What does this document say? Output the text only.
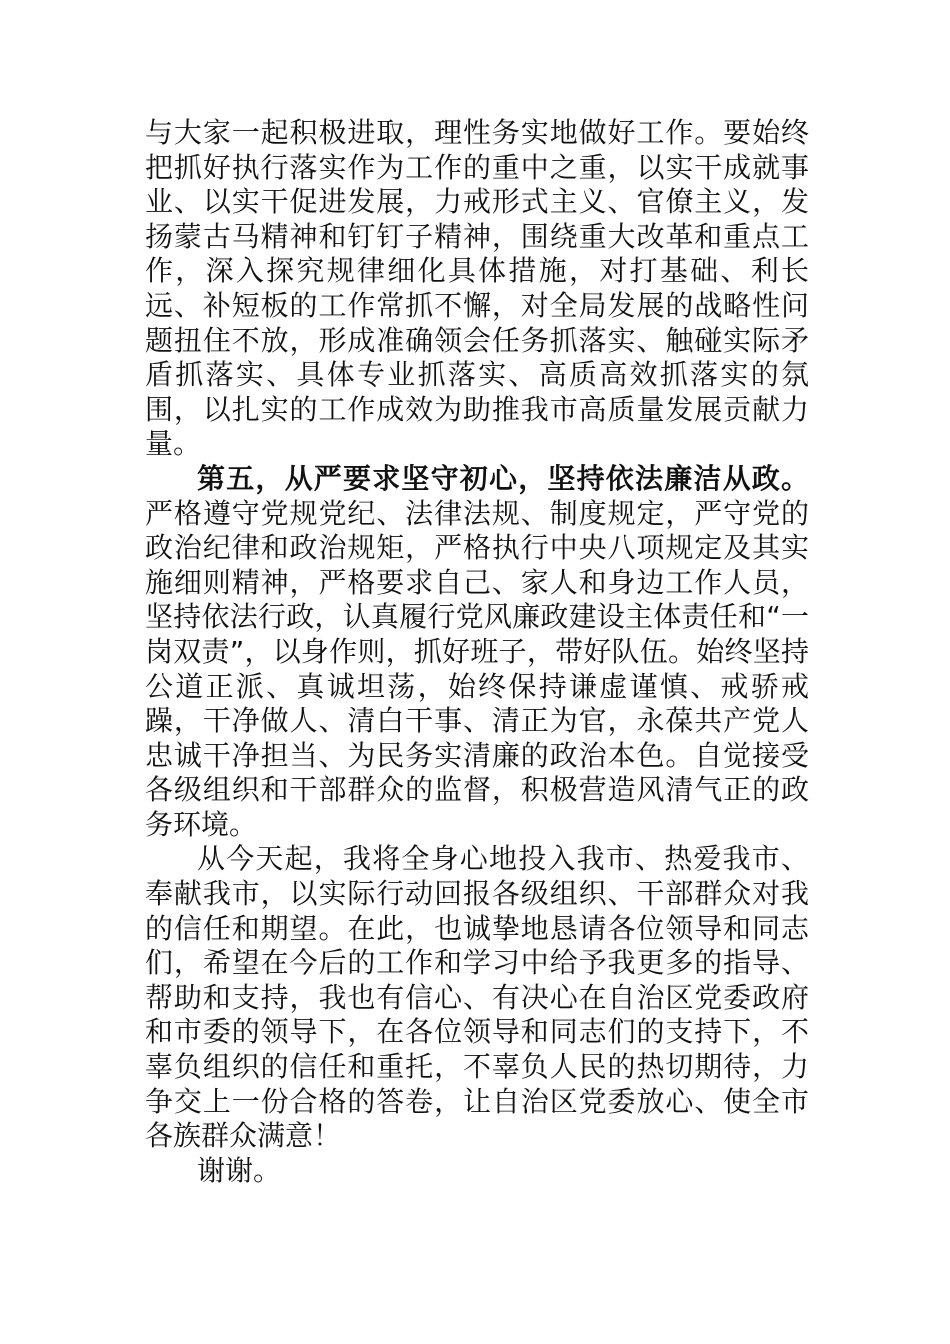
与大家一起积极进取，理性务实地做好工作。要始终把抓好执行落实作为工作的重中之重，以实干成就事业、以实干促进发展，力戒形式主义、官僚主义，发扬蒙古马精神和钉钉子精神，围绕重大改革和重点工作，深入探究规律细化具体措施，对打基础、利长远、补短板的工作常抓不懈，对全局发展的战略性问题扭住不放，形成准确领会任务抓落实、触碰实际矛盾抓落实、具体专业抓落实、高质高效抓落实的氛围，以扎实的工作成效为助推我市高质量发展贡献力量。

第五，从严要求坚守初心，坚持依法廉洁从政。严格遵守党规党纪、法律法规、制度规定，严守党的政治纪律和政治规矩，严格执行中央八项规定及其实施细则精神，严格要求自己、家人和身边工作人员，坚持依法行政，认真履行党风廉政建设主体责任和“一岗双责”，以身作则，抓好班子，带好队伍。始终坚持公道正派、真诚坦荡，始终保持谦虚谨慎、戒骄戒躁，干净做人、清白干事、清正为官，永葆共产党人忠诚干净担当、为民务实清廉的政治本色。自觉接受各级组织和干部群众的监督，积极营造风清气正的政务环境。

从今天起，我将全身心地投入我市、热爱我市、奉献我市，以实际行动回报各级组织、干部群众对我的信任和期望。在此，也诚挚地恳请各位领导和同志们，希望在今后的工作和学习中给予我更多的指导、帮助和支持，我也有信心、有决心在自治区党委政府和市委的领导下，在各位领导和同志们的支持下，不辜负组织的信任和重托，不辜负人民的热切期待，力争交上一份合格的答卷，让自治区党委放心、使全市各族群众满意！

谢谢。
